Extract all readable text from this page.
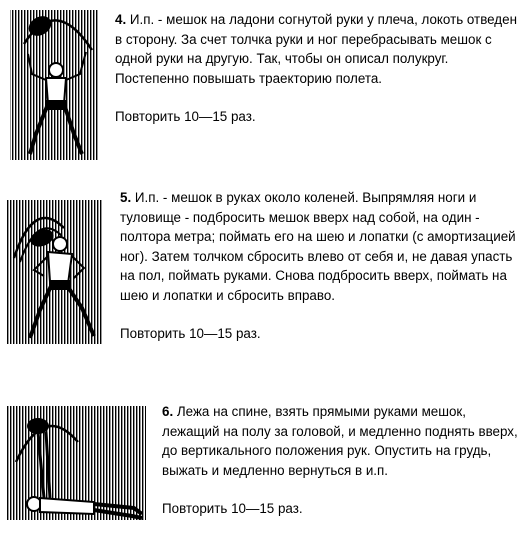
4. И.п. - мешок на ладони согнутой руки у плеча, локоть отведен в сторону. За счет толчка руки и ног перебрасывать мешок с одной руки на другую. Так, чтобы он описал полукруг. Постепенно повышать траекторию полета.

Повторить 10—15 раз.

5. И.п. - мешок в руках около коленей. Выпрямляя ноги и туловище - подбросить мешок вверх над собой, на один - полтора метра; поймать его на шею и лопатки (с амортизацией ног). Затем толчком сбросить влево от себя и, не давая упасть на пол, поймать руками. Снова подбросить вверх, поймать на шею и лопатки и сбросить вправо.

Повторить 10—15 раз.

6. Лежа на спине, взять прямыми руками мешок, лежащий на полу за головой, и медленно поднять вверх, до вертикального положения рук. Опустить на грудь, выжать и медленно вернуться в и.п.

Повторить 10—15 раз.
